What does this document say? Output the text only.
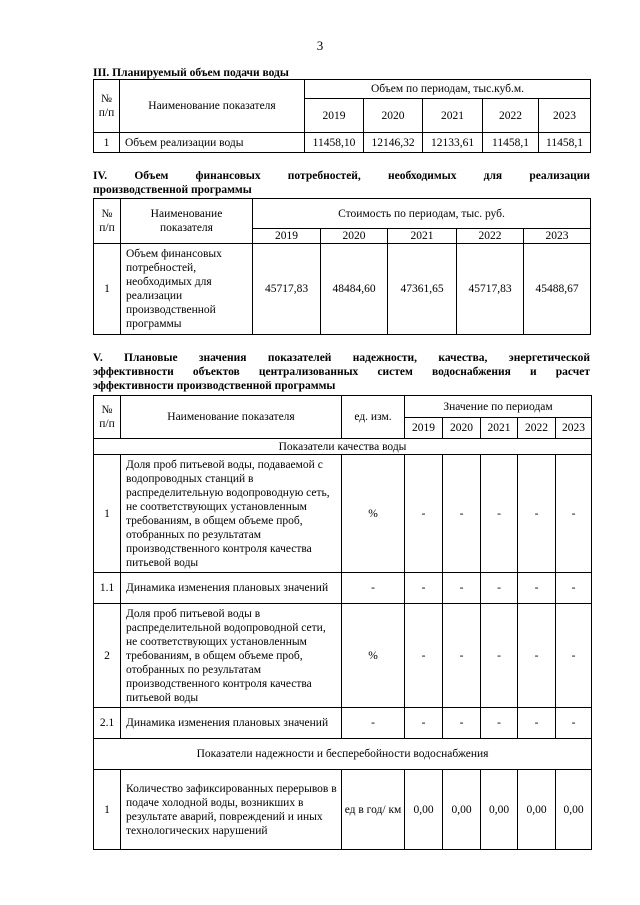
3
III. Планируемый объем подачи воды
№ п/п	Наименование показателя	Объем по периодам, тыс.куб.м.				
		2019	2020	2021	2022	2023
1	Объем реализации воды	11458,10	12146,32	12133,61	11458,1	11458,1
IV. Объем финансовых потребностей, необходимых для реализации
производственной программы
№ п/п	Наименование показателя	Стоимость по периодам, тыс. руб.				
		2019	2020	2021	2022	2023
1	Объем финансовых потребностей, необходимых для реализации производственной программы	45717,83	48484,60	47361,65	45717,83	45488,67
V. Плановые значения показателей надежности, качества, энергетической
эффективности объектов централизованных систем водоснабжения и расчет
эффективности производственной программы
№ п/п	Наименование показателя	ед. изм.	Значение по периодам				
			2019	2020	2021	2022	2023
Показатели качества воды							
1	Доля проб питьевой воды, подаваемой с водопроводных станций в распределительную водопроводную сеть, не соответствующих установленным требованиям, в общем объеме проб, отобранных по результатам производственного контроля качества питьевой воды	%	-	-	-	-	-
1.1	Динамика изменения плановых значений	-	-	-	-	-	-
2	Доля проб питьевой воды в распределительной водопроводной сети, не соответствующих установленным требованиям, в общем объеме проб, отобранных по результатам производственного контроля качества питьевой воды	%	-	-	-	-	-
2.1	Динамика изменения плановых значений	-	-	-	-	-	-
Показатели надежности и бесперебойности водоснабжения							
1	Количество зафиксированных перерывов в подаче холодной воды, возникших в результате аварий, повреждений и иных технологических нарушений	ед в год/ км	0,00	0,00	0,00	0,00	0,00
